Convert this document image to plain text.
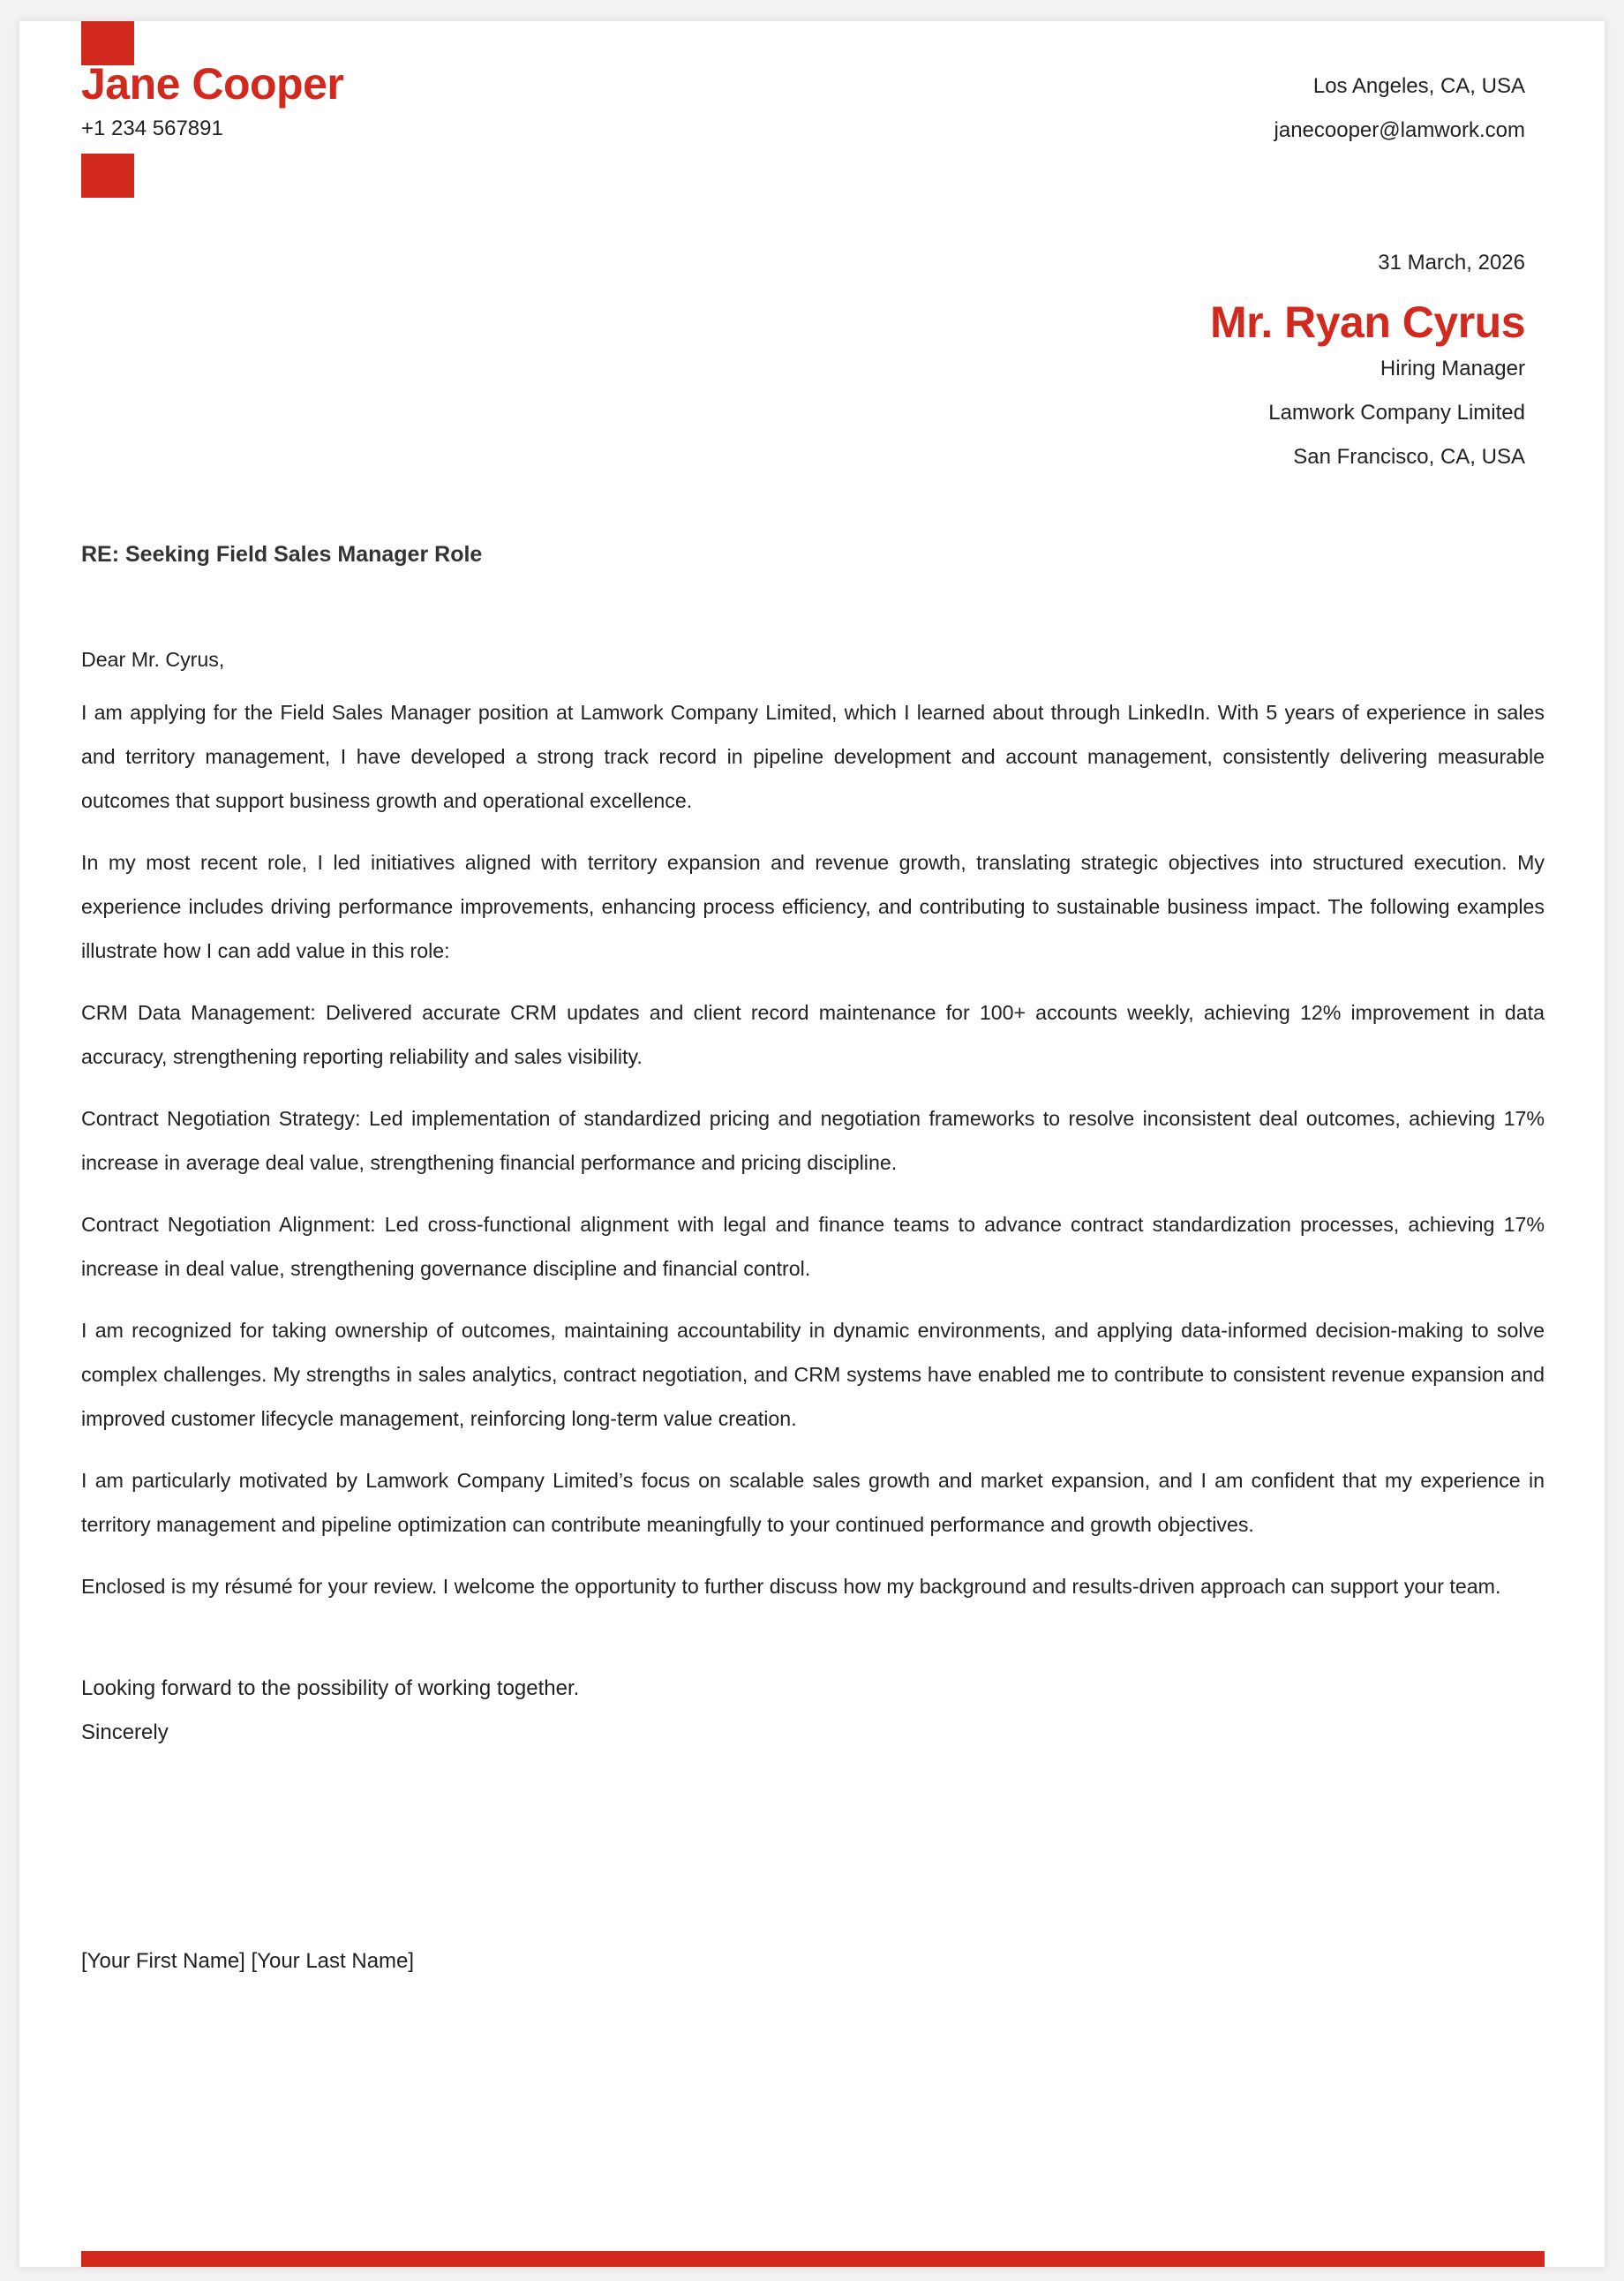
Jane Cooper
+1 234 567891
Los Angeles, CA, USA
janecooper@lamwork.com
31 March, 2026
Mr. Ryan Cyrus
Hiring Manager
Lamwork Company Limited
San Francisco, CA, USA
RE: Seeking Field Sales Manager Role

Dear Mr. Cyrus,

I am applying for the Field Sales Manager position at Lamwork Company Limited, which I learned about through LinkedIn. With 5 years of experience in sales and territory management, I have developed a strong track record in pipeline development and account management, consistently delivering measurable outcomes that support business growth and operational excellence.

In my most recent role, I led initiatives aligned with territory expansion and revenue growth, translating strategic objectives into structured execution. My experience includes driving performance improvements, enhancing process efficiency, and contributing to sustainable business impact. The following examples illustrate how I can add value in this role:

CRM Data Management: Delivered accurate CRM updates and client record maintenance for 100+ accounts weekly, achieving 12% improvement in data accuracy, strengthening reporting reliability and sales visibility.

Contract Negotiation Strategy: Led implementation of standardized pricing and negotiation frameworks to resolve inconsistent deal outcomes, achieving 17% increase in average deal value, strengthening financial performance and pricing discipline.

Contract Negotiation Alignment: Led cross-functional alignment with legal and finance teams to advance contract standardization processes, achieving 17% increase in deal value, strengthening governance discipline and financial control.

I am recognized for taking ownership of outcomes, maintaining accountability in dynamic environments, and applying data-informed decision-making to solve complex challenges. My strengths in sales analytics, contract negotiation, and CRM systems have enabled me to contribute to consistent revenue expansion and improved customer lifecycle management, reinforcing long-term value creation.

I am particularly motivated by Lamwork Company Limited’s focus on scalable sales growth and market expansion, and I am confident that my experience in territory management and pipeline optimization can contribute meaningfully to your continued performance and growth objectives.

Enclosed is my résumé for your review. I welcome the opportunity to further discuss how my background and results-driven approach can support your team.

Looking forward to the possibility of working together.
Sincerely
[Your First Name] [Your Last Name]
